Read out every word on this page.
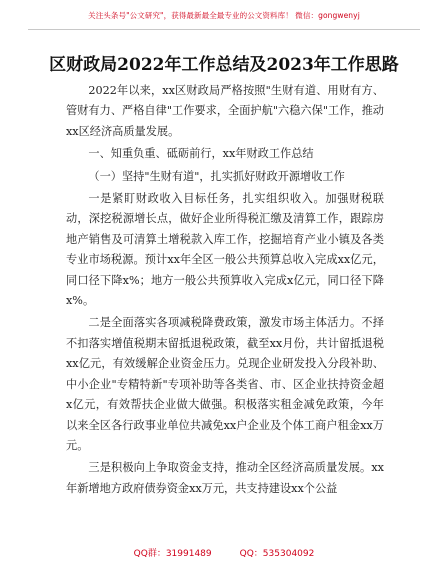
关注头条号"公文研究"，获得最新最全最专业的公文资料库！ 微信：gongwenyj
区财政局2022年工作总结及2023年工作思路

2022年以来，xx区财政局严格按照"生财有道、用财有方、管财有力、严格自律"工作要求，全面护航"六稳六保"工作，推动xx区经济高质量发展。

一、知重负重、砥砺前行，xx年财政工作总结

（一）坚持"生财有道"，扎实抓好财政开源增收工作

一是紧盯财政收入目标任务，扎实组织收入。加强财税联动，深挖税源增长点，做好企业所得税汇缴及清算工作，跟踪房地产销售及可清算土增税款入库工作，挖掘培育产业小镇及各类专业市场税源。预计xx年全区一般公共预算总收入完成xx亿元，同口径下降x%；地方一般公共预算收入完成x亿元，同口径下降x%。

二是全面落实各项减税降费政策，激发市场主体活力。不择不扣落实增值税期末留抵退税政策，截至xx月份，共计留抵退税xx亿元，有效缓解企业资金压力。兑现企业研发投入分段补助、中小企业"专精特新"专项补助等各类省、市、区企业扶持资金超x亿元，有效帮扶企业做大做强。积极落实租金减免政策，今年以来全区各行政事业单位共减免xx户企业及个体工商户租金xx万元。

三是积极向上争取资金支持，推动全区经济高质量发展。xx年新增地方政府债券资金xx万元，共支持建设xx个公益

QQ群：31991489	QQ：535304092
